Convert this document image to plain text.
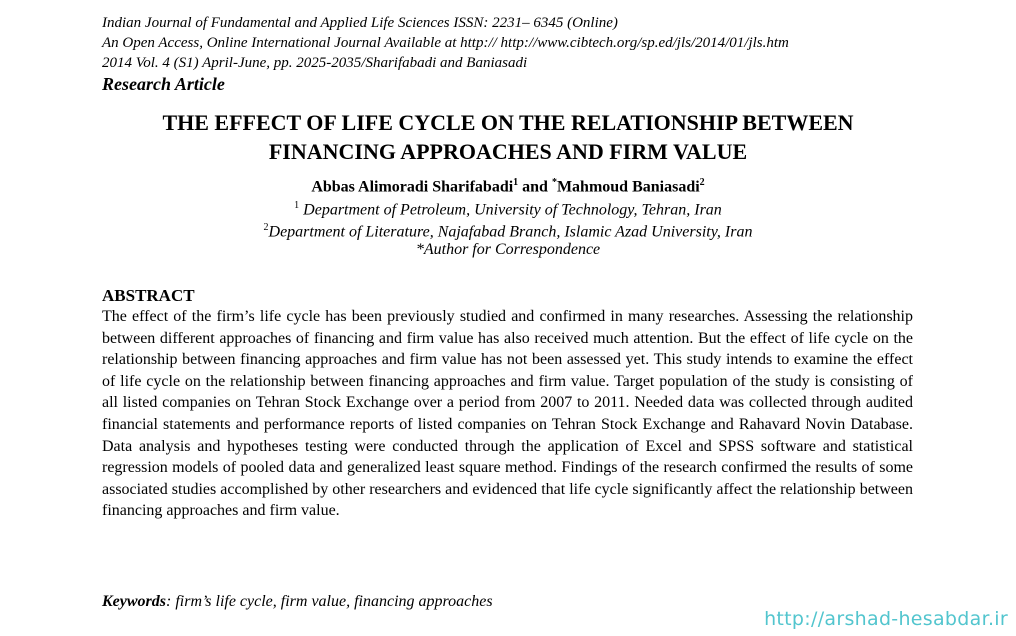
Indian Journal of Fundamental and Applied Life Sciences ISSN: 2231– 6345 (Online)
An Open Access, Online International Journal Available at http:// http://www.cibtech.org/sp.ed/jls/2014/01/jls.htm
2014 Vol. 4 (S1) April-June, pp. 2025-2035/Sharifabadi and Baniasadi
Research Article
THE EFFECT OF LIFE CYCLE ON THE RELATIONSHIP BETWEEN
FINANCING APPROACHES AND FIRM VALUE
Abbas Alimoradi Sharifabadi$^1$ and *Mahmoud Baniasadi$^2$
$^1$ Department of Petroleum, University of Technology, Tehran, Iran
$^2$Department of Literature, Najafabad Branch, Islamic Azad University, Iran
*Author for Correspondence
ABSTRACT
The effect of the firm’s life cycle has been previously studied and confirmed in many researches. Assessing the relationship between different approaches of financing and firm value has also received much attention. But the effect of life cycle on the relationship between financing approaches and firm value has not been assessed yet. This study intends to examine the effect of life cycle on the relationship between financing approaches and firm value. Target population of the study is consisting of all listed companies on Tehran Stock Exchange over a period from 2007 to 2011. Needed data was collected through audited financial statements and performance reports of listed companies on Tehran Stock Exchange and Rahavard Novin Database. Data analysis and hypotheses testing were conducted through the application of Excel and SPSS software and statistical regression models of pooled data and generalized least square method. Findings of the research confirmed the results of some associated studies accomplished by other researchers and evidenced that life cycle significantly affect the relationship between financing approaches and firm value.
Keywords: firm’s life cycle, firm value, financing approaches
http://arshad-hesabdar.ir
